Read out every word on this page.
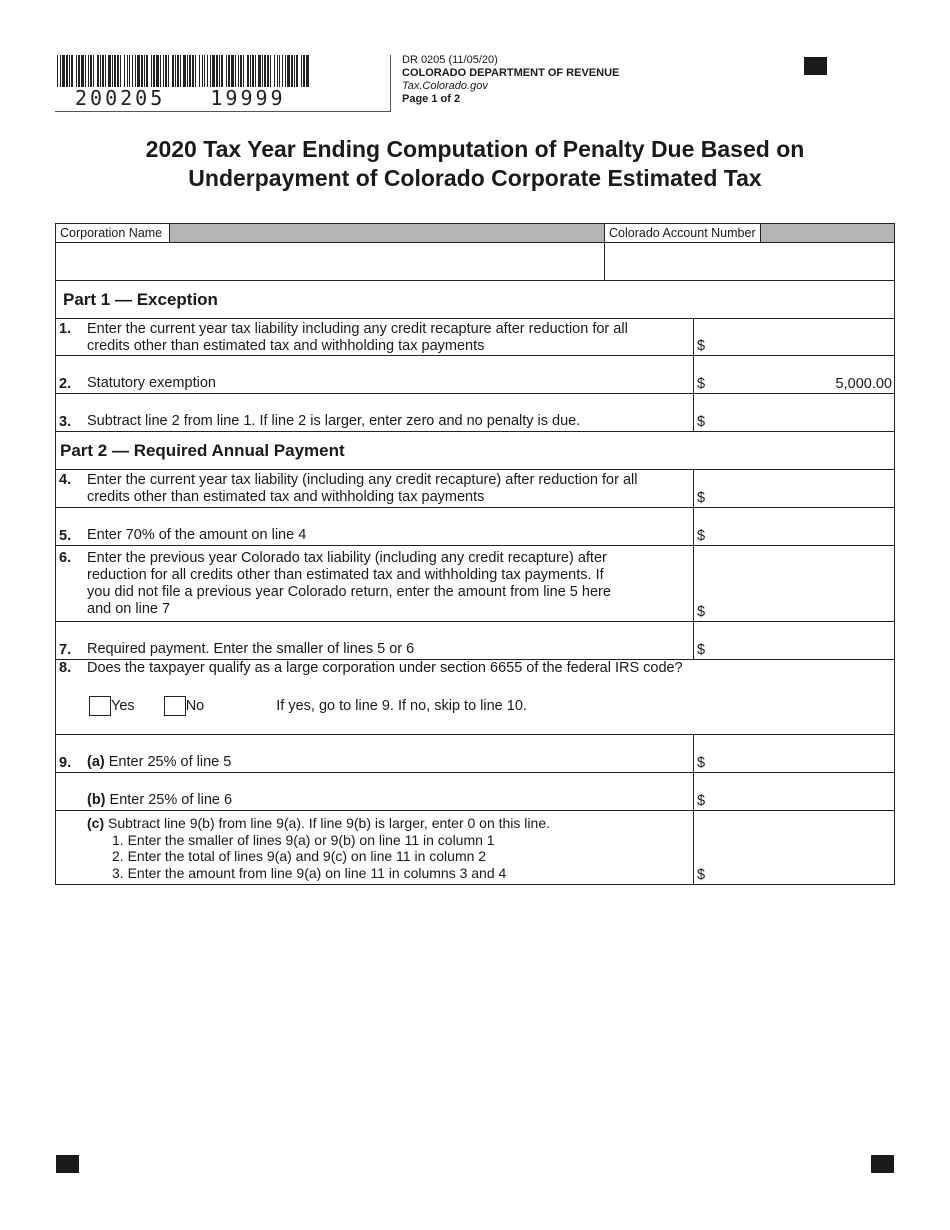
200205   19999
DR 0205 (11/05/20)
COLORADO DEPARTMENT OF REVENUE
Tax.Colorado.gov
Page 1 of 2
2020 Tax Year Ending Computation of Penalty Due Based on
Underpayment of Colorado Corporate Estimated Tax
Corporation Name	Colorado Account Number
Part 1 — Exception
1. Enter the current year tax liability including any credit recapture after reduction for all
credits other than estimated tax and withholding tax payments	$
2. Statutory exemption	$	5,000.00
3. Subtract line 2 from line 1. If line 2 is larger, enter zero and no penalty is due.	$
Part 2 — Required Annual Payment
4. Enter the current year tax liability (including any credit recapture) after reduction for all
credits other than estimated tax and withholding tax payments	$
5. Enter 70% of the amount on line 4	$
6. Enter the previous year Colorado tax liability (including any credit recapture) after
reduction for all credits other than estimated tax and withholding tax payments. If
you did not file a previous year Colorado return, enter the amount from line 5 here
and on line 7	$
7. Required payment. Enter the smaller of lines 5 or 6	$
8. Does the taxpayer qualify as a large corporation under section 6655 of the federal IRS code?
Yes	No	If yes, go to line 9. If no, skip to line 10.
9. (a) Enter 25% of line 5	$
(b) Enter 25% of line 6	$
(c) Subtract line 9(b) from line 9(a). If line 9(b) is larger, enter 0 on this line.
1. Enter the smaller of lines 9(a) or 9(b) on line 11 in column 1
2. Enter the total of lines 9(a) and 9(c) on line 11 in column 2
3. Enter the amount from line 9(a) on line 11 in columns 3 and 4	$
